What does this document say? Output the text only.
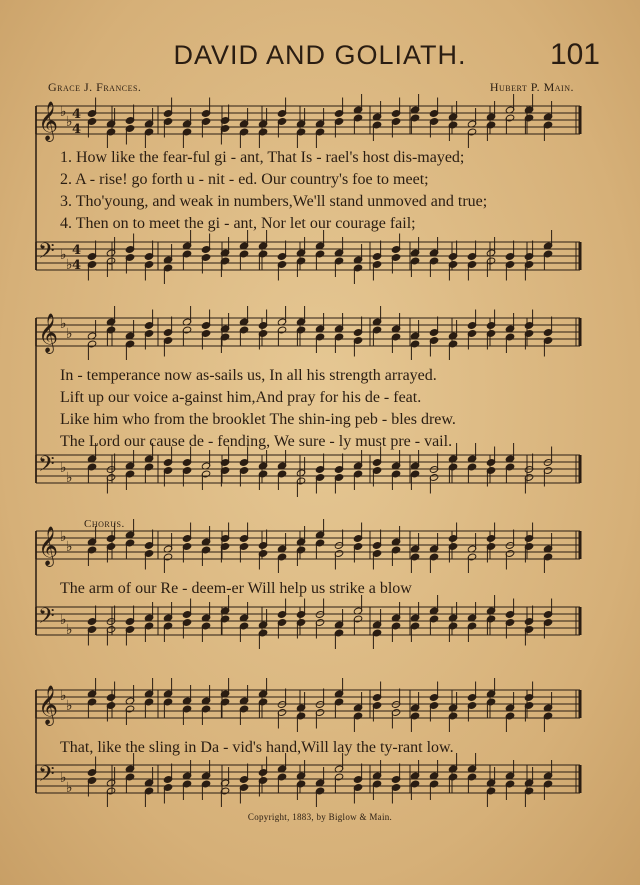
DAVID AND GOLIATH.	101
Grace J. Frances.	Hubert P. Main.
𝄞 ♭
♭ 4
4
𝄢 ♭
♭
4
4
𝄞 ♭
♭
𝄢 ♭
♭
𝄞 ♭
♭
𝄢 ♭
♭
𝄞 ♭
♭
𝄢 ♭
♭
1. How like the fear-ful gi - ant, That Is - rael's host dis-mayed;
2. A - rise! go forth u - nit - ed. Our country's foe to meet;
3. Tho'young, and weak in numbers,We'll stand unmoved and true;
4. Then on to meet the gi - ant, Nor let our courage fail;
In - temperance now as-sails us, In all his strength arrayed.
Lift up our voice a-gainst him,And pray for his de - feat.
Like him who from the brooklet The shin-ing peb - bles drew.
The Lord our cause de - fending, We sure - ly must pre - vail.
Chorus.
The arm of our Re - deem-er Will help us strike a blow
That, like the sling in Da - vid's hand,Will lay the ty-rant low.
Copyright, 1883, by Biglow & Main.
